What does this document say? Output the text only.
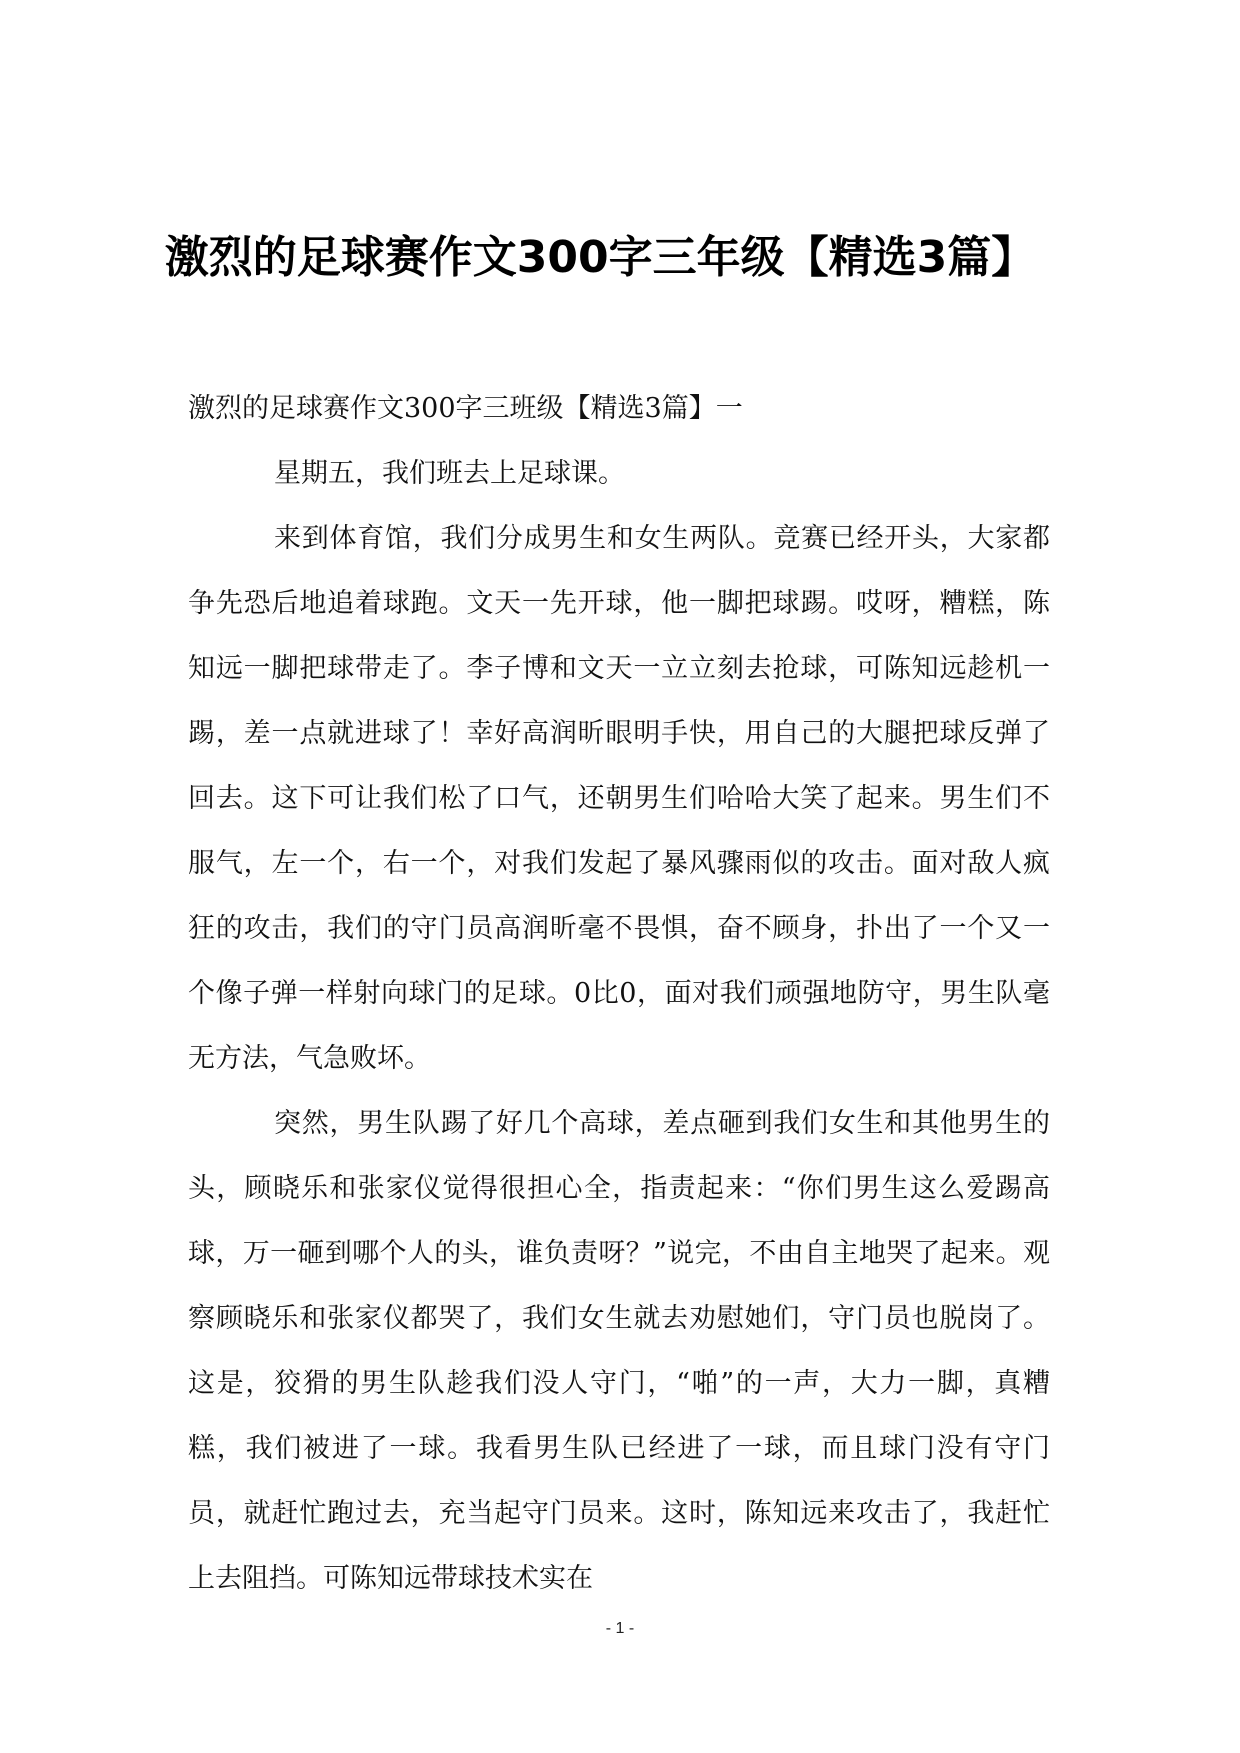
激烈的足球赛作文300字三年级【精选3篇】

激烈的足球赛作文300字三班级【精选3篇】一

星期五，我们班去上足球课。

来到体育馆，我们分成男生和女生两队。竞赛已经开头，大家都争先恐后地追着球跑。文天一先开球，他一脚把球踢。哎呀，糟糕，陈知远一脚把球带走了。李子博和文天一立立刻去抢球，可陈知远趁机一踢，差一点就进球了！幸好高润昕眼明手快，用自己的大腿把球反弹了回去。这下可让我们松了口气，还朝男生们哈哈大笑了起来。男生们不服气，左一个，右一个，对我们发起了暴风骤雨似的攻击。面对敌人疯狂的攻击，我们的守门员高润昕毫不畏惧，奋不顾身，扑出了一个又一个像子弹一样射向球门的足球。0比0，面对我们顽强地防守，男生队毫无方法，气急败坏。

突然，男生队踢了好几个高球，差点砸到我们女生和其他男生的头，顾晓乐和张家仪觉得很担心全，指责起来：“你们男生这么爱踢高球，万一砸到哪个人的头，谁负责呀？”说完，不由自主地哭了起来。观察顾晓乐和张家仪都哭了，我们女生就去劝慰她们，守门员也脱岗了。这是，狡猾的男生队趁我们没人守门，“啪”的一声，大力一脚，真糟糕，我们被进了一球。我看男生队已经进了一球，而且球门没有守门员，就赶忙跑过去，充当起守门员来。这时，陈知远来攻击了，我赶忙上去阻挡。可陈知远带球技术实在

- 1 -
